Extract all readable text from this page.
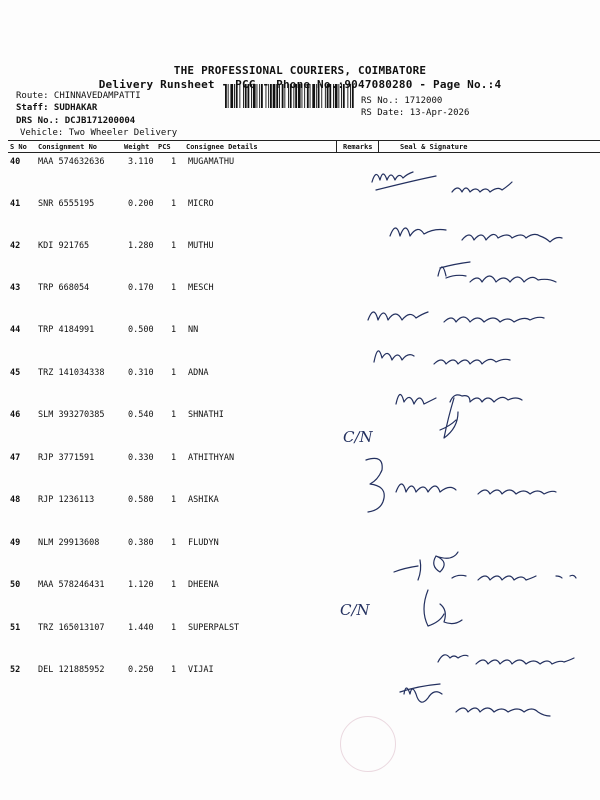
THE PROFESSIONAL COURIERS, COIMBATORE
Delivery Runsheet - PCG - Phone No.:9047080280 - Page No.:4
Route: CHINNAVEDAMPATTI
Staff: SUDHAKAR
DRS No.: DCJB171200004
Vehicle: Two Wheeler Delivery
RS No.: 1712000
RS Date: 13-Apr-2026
S No Consignment No	Weight PCS Consignee Details	Remarks	Seal & Signature
40 MAA 574632636	3.110 1 MUGAMATHU
41 SNR 6555195	0.200 1 MICRO
42 KDI 921765	1.280 1 MUTHU
43 TRP 668054	0.170 1 MESCH
44 TRP 4184991	0.500 1 NN
45 TRZ 141034338	0.310 1 ADNA
46 SLM 393270385	0.540 1 SHNATHI
47 RJP 3771591	0.330 1 ATHITHYAN
48 RJP 1236113	0.580 1 ASHIKA
49 NLM 29913608	0.380 1 FLUDYN
50 MAA 578246431	1.120 1 DHEENA
51 TRZ 165013107	1.440 1 SUPERPALST
52 DEL 121885952	0.250 1 VIJAI
C/N
C/N
